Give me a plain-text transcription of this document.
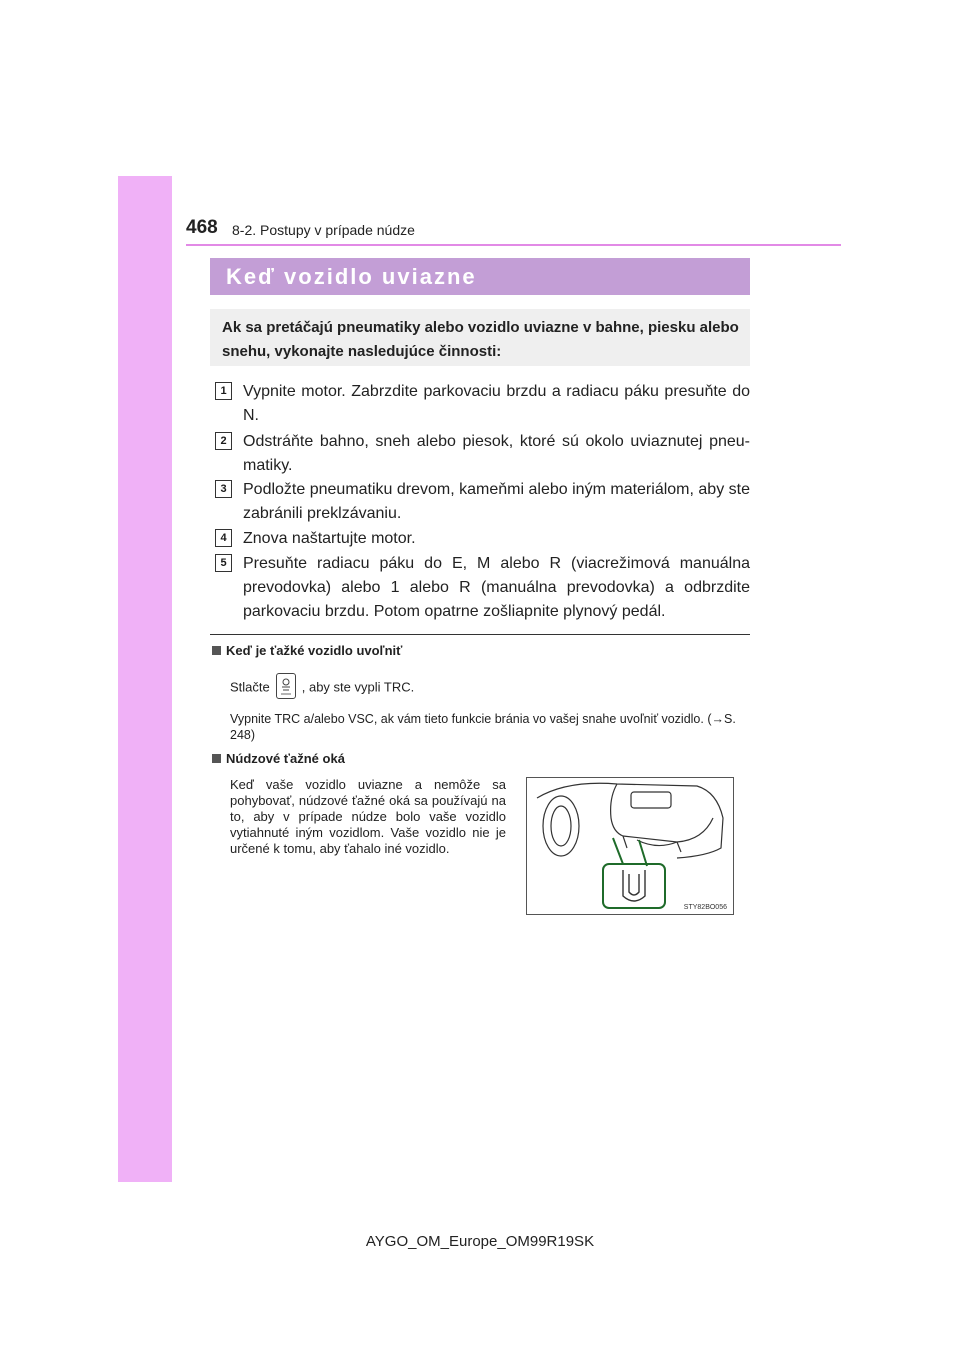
468 8-2. Postupy v prípade núdze
Keď vozidlo uviazne
Ak sa pretáčajú pneumatiky alebo vozidlo uviazne v bahne, piesku alebo snehu, vykonajte nasledujúce činnosti:
1	Vypnite motor. Zabrzdite parkovaciu brzdu a radiacu páku presuňte do N.
2	Odstráňte bahno, sneh alebo piesok, ktoré sú okolo uviaznutej pneumatiky.
3	Podložte pneumatiku drevom, kameňmi alebo iným materiálom, aby ste zabránili preklzávaniu.
4	Znova naštartujte motor.
5	Presuňte radiacu páku do E, M alebo R (viacrežimová manuálna prevodovka) alebo 1 alebo R (manuálna prevodovka) a odbrzdite parkovaciu brzdu. Potom opatrne zošliapnite plynový pedál.
Keď je ťažké vozidlo uvoľniť
Stlačte , aby ste vypli TRC.
Vypnite TRC a/alebo VSC, ak vám tieto funkcie bránia vo vašej snahe uvoľniť vozidlo. (→S. 248)
Núdzové ťažné oká
Keď vaše vozidlo uviazne a nemôže sa pohybovať, núdzové ťažné oká sa používajú na to, aby v prípade núdze bolo vaše vozidlo vytiahnuté iným vozidlom. Vaše vozidlo nie je určené k tomu, aby ťahalo iné vozidlo.
STY82BO056
AYGO_OM_Europe_OM99R19SK
